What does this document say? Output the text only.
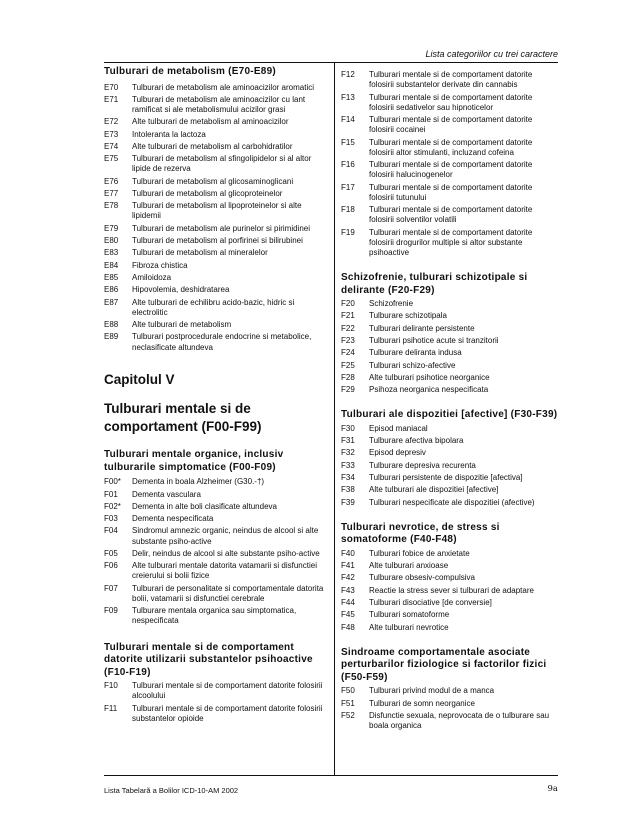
Lista categoriilor cu trei caractere
Tulburari de metabolism (E70-E89)
E70	Tulburari de metabolism ale aminoacizilor aromatici
E71	Tulburari de metabolism ale aminoacizilor cu lant ramificat si ale metabolismului acizilor grasi
E72	Alte tulburari de metabolism al aminoacizilor
E73	Intoleranta la lactoza
E74	Alte tulburari de metabolism al carbohidratilor
E75	Tulburari de metabolism al sfingolipidelor si al altor lipide de rezerva
E76	Tulburari de metabolism al glicosaminoglicani
E77	Tulburari de metabolism al glicoproteinelor
E78	Tulburari de metabolism al lipoproteinelor si alte lipidemii
E79	Tulburari de metabolism ale purinelor si pirimidinei
E80	Tulburari de metabolism al porfirinei si bilirubinei
E83	Tulburari de metabolism al mineralelor
E84	Fibroza chistica
E85	Amiloidoza
E86	Hipovolemia, deshidratarea
E87	Alte tulburari de echilibru acido-bazic, hidric si electrolitic
E88	Alte tulburari de metabolism
E89	Tulburari postprocedurale endocrine si metabolice, neclasificate altundeva
Capitolul V
Tulburari mentale si de comportament (F00-F99)
Tulburari mentale organice, inclusiv tulburarile simptomatice (F00-F09)
F00*	Dementa in boala Alzheimer (G30.-†)
F01	Dementa vasculara
F02*	Dementa in alte boli clasificate altundeva
F03	Dementa nespecificata
F04	Sindromul amnezic organic, neindus de alcool si alte substante psiho-active
F05	Delir, neindus de alcool si alte substante psiho-active
F06	Alte tulburari mentale datorita vatamarii si disfunctiei creierului si bolii fizice
F07	Tulburari de personalitate si comportamentale datorita bolii, vatamarii si disfunctiei cerebrale
F09	Tulburare mentala organica sau simptomatica, nespecificata
Tulburari mentale si de comportament datorite utilizarii substantelor psihoactive (F10-F19)
F10	Tulburari mentale si de comportament datorite folosirii alcoolului
F11	Tulburari mentale si de comportament datorite folosirii substantelor opioide
F12	Tulburari mentale si de comportament datorite folosirii substantelor derivate din cannabis
F13	Tulburari mentale si de comportament datorite folosirii sedativelor sau hipnoticelor
F14	Tulburari mentale si de comportament datorite folosirii cocainei
F15	Tulburari mentale si de comportament datorite folosirii altor stimulanti, incluzand cofeina
F16	Tulburari mentale si de comportament datorite folosirii halucinogenelor
F17	Tulburari mentale si de comportament datorite folosirii tutunului
F18	Tulburari mentale si de comportament datorite folosirii solventilor volatili
F19	Tulburari mentale si de comportament datorite folosirii drogurilor multiple si altor substante psihoactive
Schizofrenie, tulburari schizotipale si delirante (F20-F29)
F20	Schizofrenie
F21	Tulburare schizotipala
F22	Tulburari delirante persistente
F23	Tulburari psihotice acute si tranzitorii
F24	Tulburare deliranta indusa
F25	Tulburari schizo-afective
F28	Alte tulburari psihotice neorganice
F29	Psihoza neorganica nespecificata
Tulburari ale dispozitiei [afective] (F30-F39)
F30	Episod maniacal
F31	Tulburare afectiva bipolara
F32	Episod depresiv
F33	Tulburare depresiva recurenta
F34	Tulburari persistente de dispozitie [afectiva]
F38	Alte tulburari ale dispozitiei [afective]
F39	Tulburari nespecificate ale dispozitiei (afective)
Tulburari nevrotice, de stress si somatoforme (F40-F48)
F40	Tulburari fobice de anxietate
F41	Alte tulburari anxioase
F42	Tulburare obsesiv-compulsiva
F43	Reactie la stress sever si tulburari de adaptare
F44	Tulburari disociative [de conversie]
F45	Tulburari somatoforme
F48	Alte tulburari nevrotice
Sindroame comportamentale asociate perturbarilor fiziologice si factorilor fizici (F50-F59)
F50	Tulburari privind modul de a manca
F51	Tulburari de somn neorganice
F52	Disfunctie sexuala, neprovocata de o tulburare sau boala organica
Lista Tabelară a Bolilor ICD-10-AM 2002	9a
